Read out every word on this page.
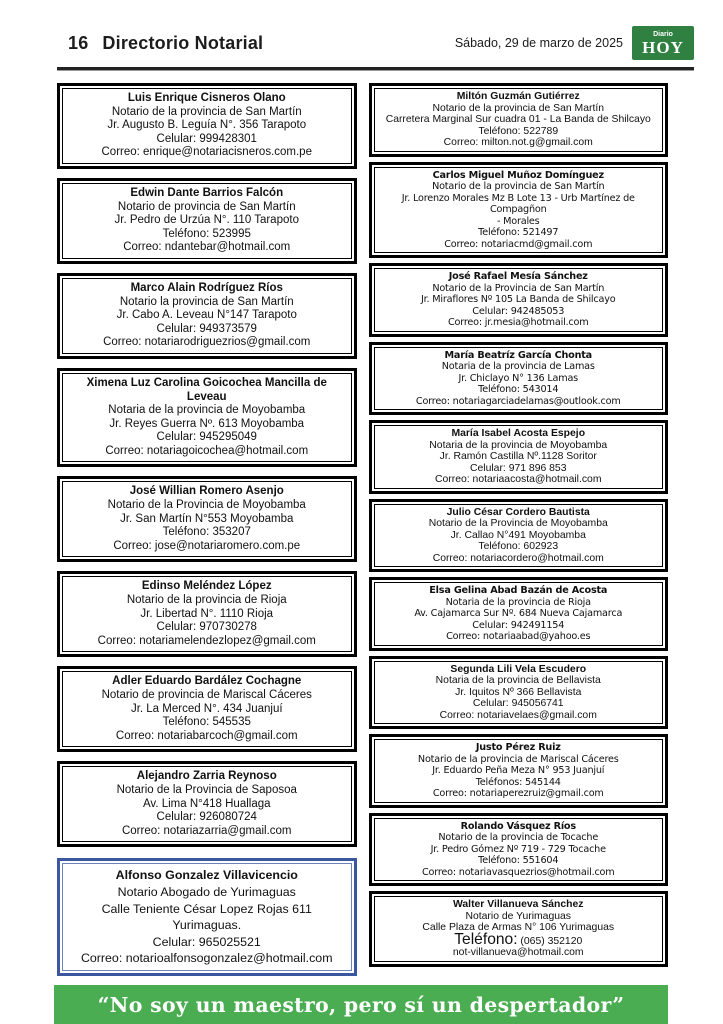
16 Directorio Notarial	Sábado, 29 de marzo de 2025
Diario
HOY
Luis Enrique Cisneros Olano
Notario de la provincia de San Martín
Jr. Augusto B. Leguía N°. 356 Tarapoto
Celular: 999428301
Correo: enrique@notariacisneros.com.pe
Edwin Dante Barrios Falcón
Notario de provincia de San Martín
Jr. Pedro de Urzúa N°. 110 Tarapoto
Teléfono: 523995
Correo: ndantebar@hotmail.com
Marco Alain Rodríguez Ríos
Notario la provincia de San Martín
Jr. Cabo A. Leveau N°147 Tarapoto
Celular: 949373579
Correo: notariarodriguezrios@gmail.com
Ximena Luz Carolina Goicochea Mancilla de Leveau
Notaria de la provincia de Moyobamba
Jr. Reyes Guerra Nº. 613 Moyobamba
Celular: 945295049
Correo: notariagoicochea@hotmail.com
José Willian Romero Asenjo
Notario de la Provincia de Moyobamba
Jr. San Martín N°553 Moyobamba
Teléfono: 353207
Correo: jose@notariaromero.com.pe
Edinso Meléndez López
Notario de la provincia de Rioja
Jr. Libertad N°. 1110 Rioja
Celular: 970730278
Correo: notariamelendezlopez@gmail.com
Adler Eduardo Bardález Cochagne
Notario de provincia de Mariscal Cáceres
Jr. La Merced N°. 434 Juanjuí
Teléfono: 545535
Correo: notariabarcoch@gmail.com
Alejandro Zarria Reynoso
Notario de la Provincia de Saposoa
Av. Lima N°418 Huallaga
Celular: 926080724
Correo: notariazarria@gmail.com
Alfonso Gonzalez Villavicencio
Notario Abogado de Yurimaguas
Calle Teniente César Lopez Rojas 611 Yurimaguas.
Celular: 965025521
Correo: notarioalfonsogonzalez@hotmail.com
Miltón Guzmán Gutiérrez
Notario de la provincia de San Martín
Carretera Marginal Sur cuadra 01 - La Banda de Shilcayo
Teléfono: 522789
Correo: milton.not.g@gmail.com
Carlos Miguel Muñoz Domínguez
Notario de la provincia de San Martín
Jr. Lorenzo Morales Mz B Lote 13 - Urb Martínez de Compagñon
- Morales
Teléfono: 521497
Correo: notariacmd@gmail.com
José Rafael Mesía Sánchez
Notario de la Provincia de San Martín
Jr. Miraflores Nº 105 La Banda de Shilcayo
Celular: 942485053
Correo: jr.mesia@hotmail.com
María Beatríz García Chonta
Notaria de la provincia de Lamas
Jr. Chiclayo N° 136 Lamas
Teléfono: 543014
Correo: notariagarciadelamas@outlook.com
María Isabel Acosta Espejo
Notaria de la provincia de Moyobamba
Jr. Ramón Castilla Nº.1128 Soritor
Celular: 971 896 853
Correo: notariaacosta@hotmail.com
Julio César Cordero Bautista
Notario de la Provincia de Moyobamba
Jr. Callao N°491 Moyobamba
Teléfono: 602923
Correo: notariacordero@hotmail.com
Elsa Gelina Abad Bazán de Acosta
Notaria de la provincia de Rioja
Av. Cajamarca Sur Nº. 684 Nueva Cajamarca
Celular: 942491154
Correo: notariaabad@yahoo.es
Segunda Lili Vela Escudero
Notaria de la provincia de Bellavista
Jr. Iquitos Nº 366 Bellavista
Celular: 945056741
Correo: notariavelaes@gmail.com
Justo Pérez Ruiz
Notario de la provincia de Mariscal Cáceres
Jr. Eduardo Peña Meza N° 953 Juanjuí
Teléfonos: 545144
Correo: notariaperezruiz@gmail.com
Rolando Vásquez Ríos
Notario de la provincia de Tocache
Jr. Pedro Gómez Nº 719 - 729 Tocache
Teléfono: 551604
Correo: notariavasquezrios@hotmail.com
Walter Villanueva Sánchez
Notario de Yurimaguas
Calle Plaza de Armas N° 106 Yurimaguas
Teléfono: (065) 352120
not-villanueva@hotmail.com
“No soy un maestro, pero sí un despertador”
